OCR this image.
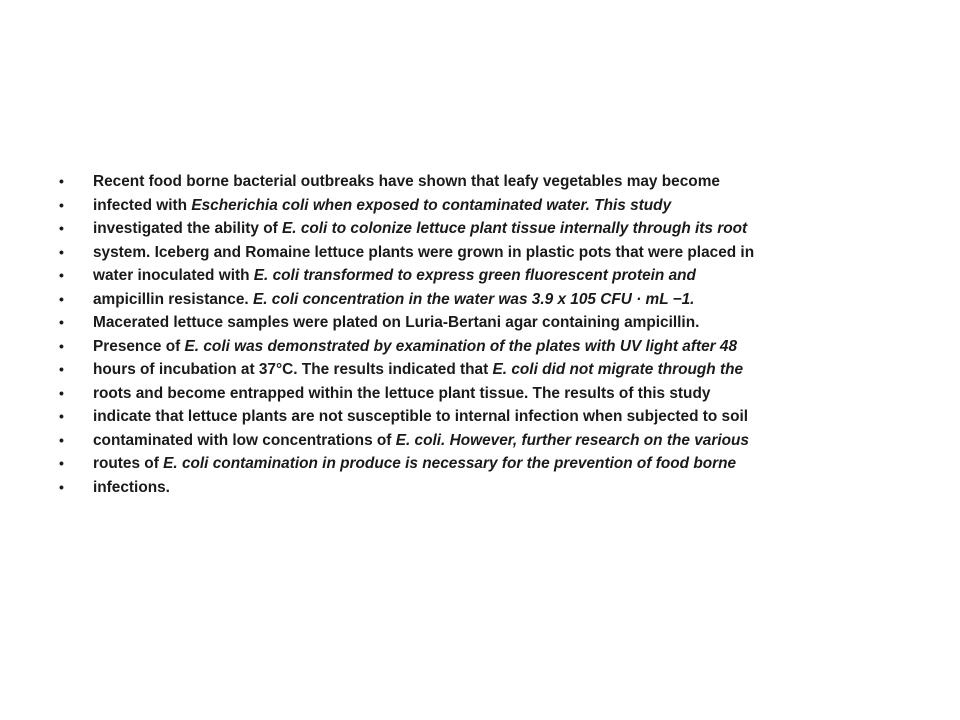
•	Recent food borne bacterial outbreaks have shown that leafy vegetables may become
•	infected with Escherichia coli when exposed to contaminated water. This study
•	investigated the ability of E. coli to colonize lettuce plant tissue internally through its root
•	system. Iceberg and Romaine lettuce plants were grown in plastic pots that were placed in
•	water inoculated with E. coli transformed to express green fluorescent protein and
•	ampicillin resistance. E. coli concentration in the water was 3.9 x 105 CFU · mL −1.
•	Macerated lettuce samples were plated on Luria-Bertani agar containing ampicillin.
•	Presence of E. coli was demonstrated by examination of the plates with UV light after 48
•	hours of incubation at 37°C. The results indicated that E. coli did not migrate through the
•	roots and become entrapped within the lettuce plant tissue. The results of this study
•	indicate that lettuce plants are not susceptible to internal infection when subjected to soil
•	contaminated with low concentrations of E. coli. However, further research on the various
•	routes of E. coli contamination in produce is necessary for the prevention of food borne
•	infections.
